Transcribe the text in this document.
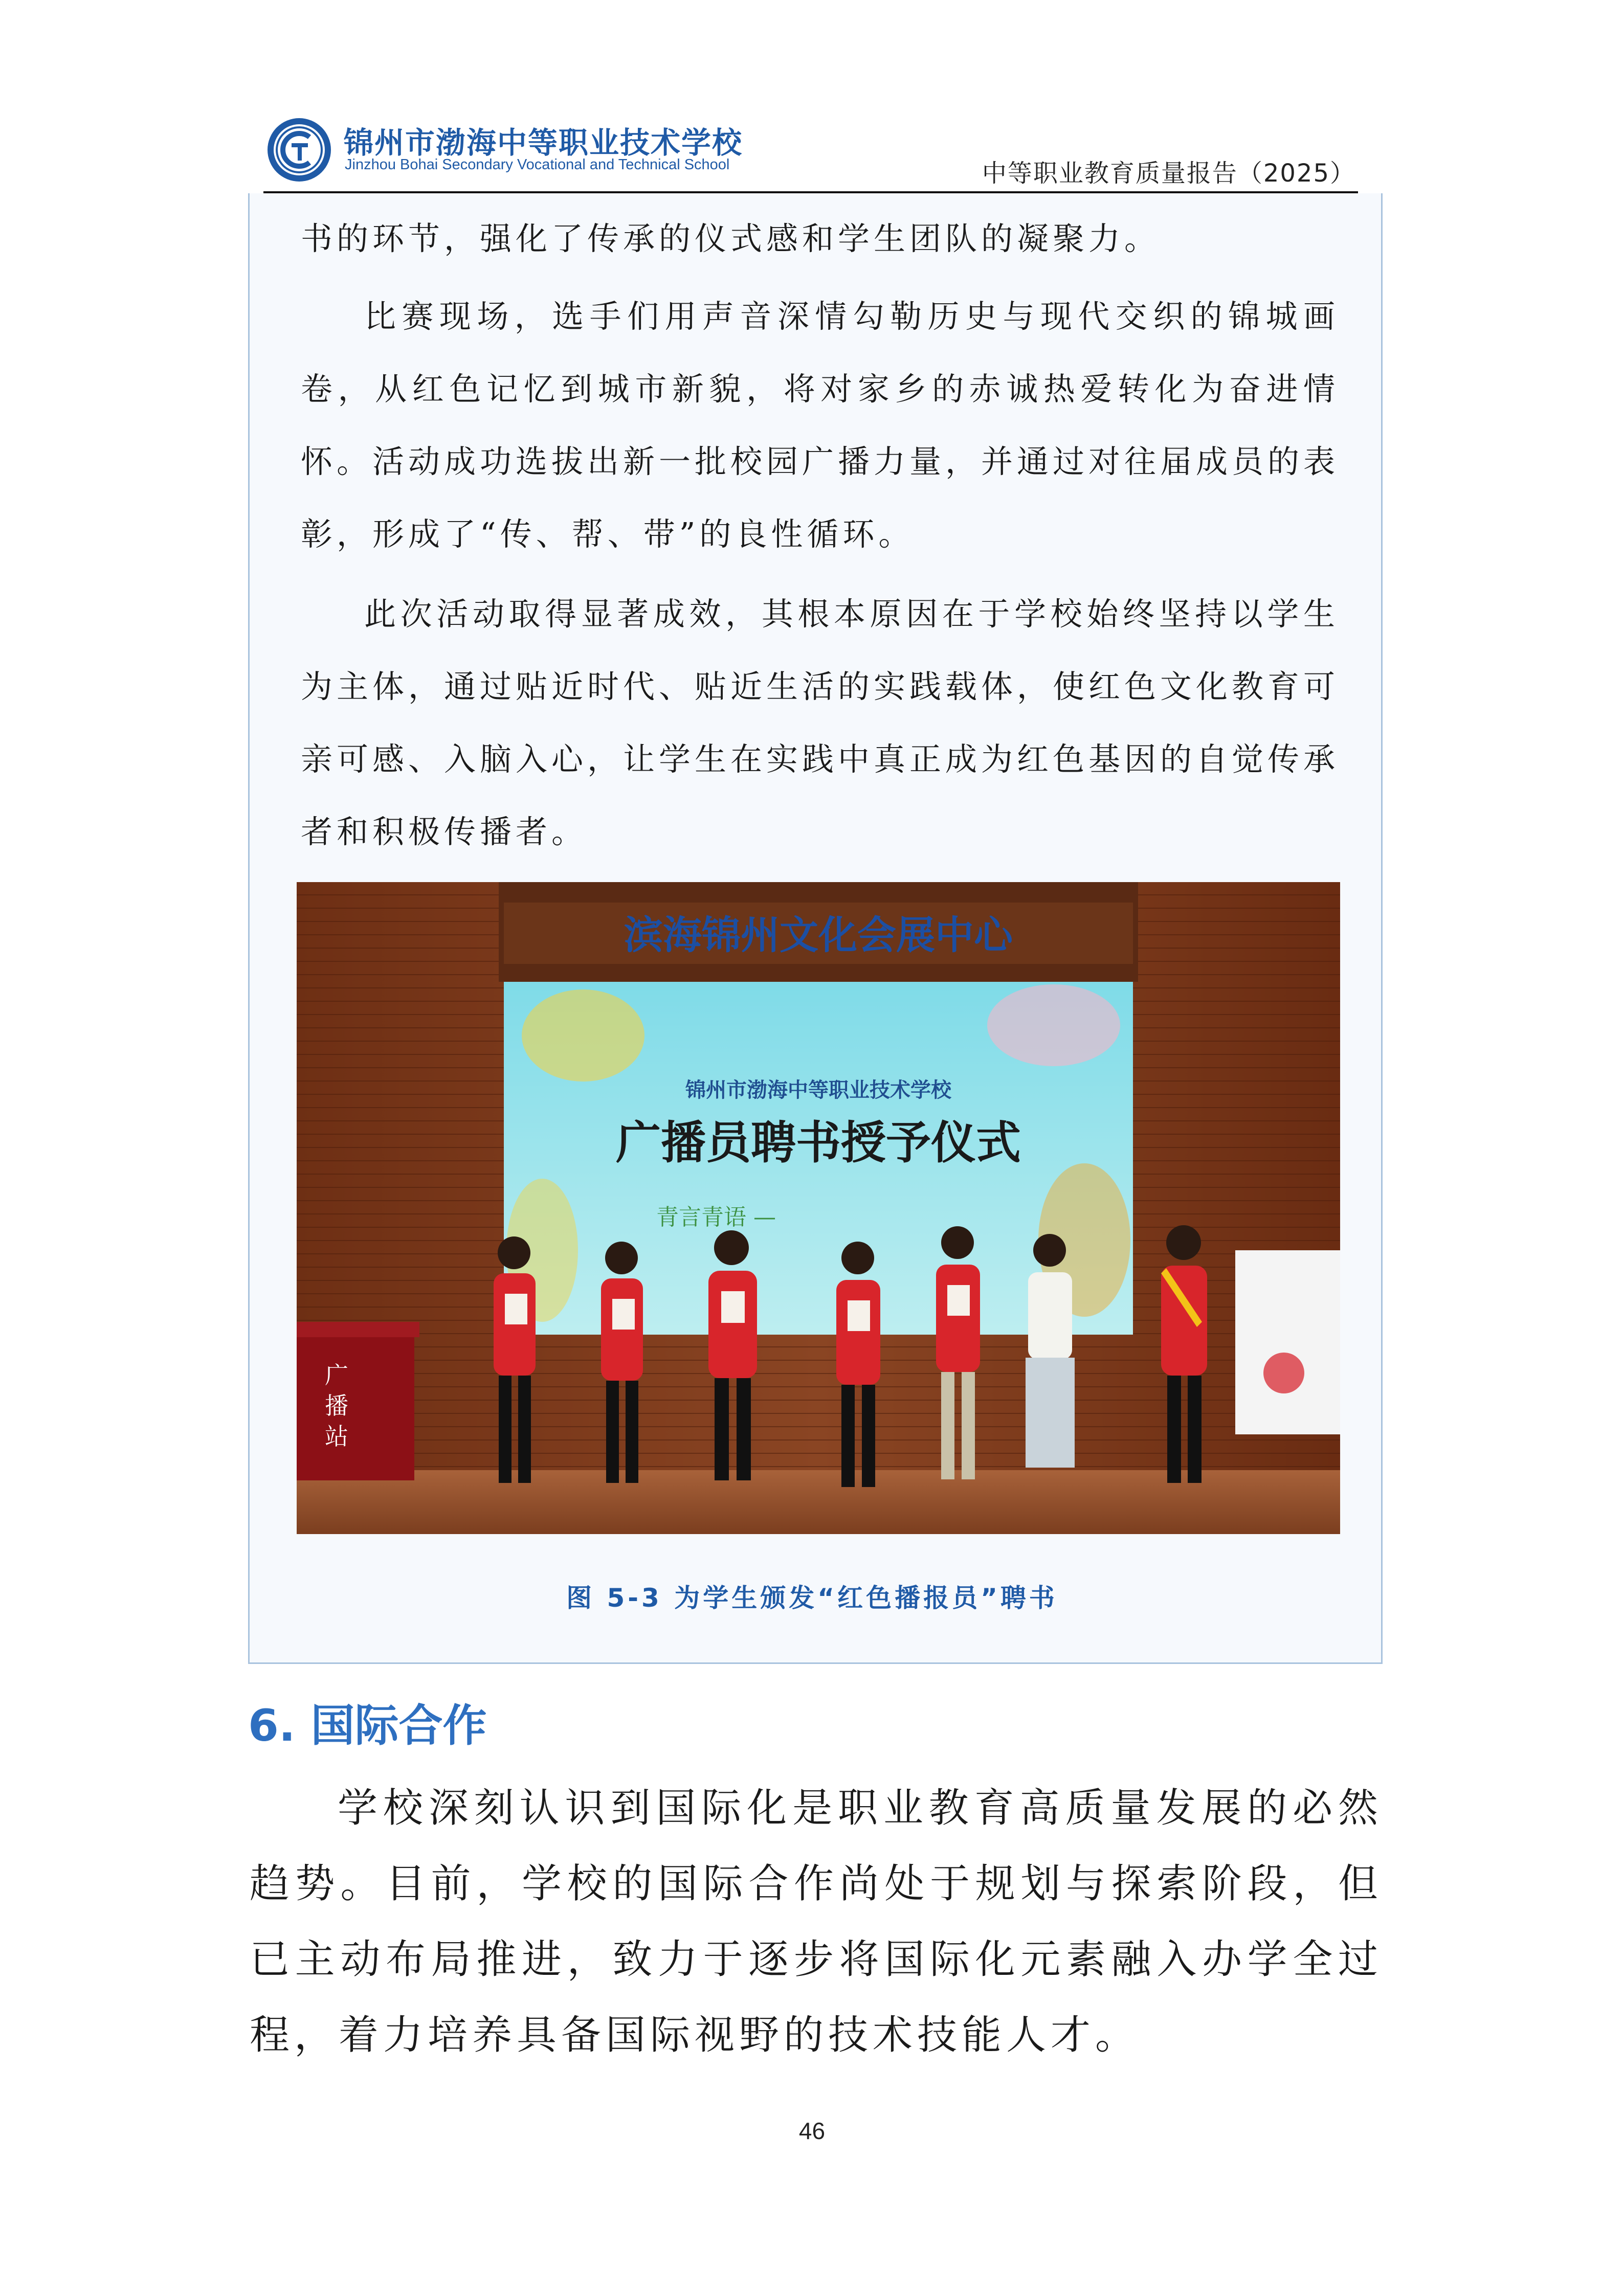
锦州市渤海中等职业技术学校
Jinzhou Bohai Secondary Vocational and Technical School	中等职业教育质量报告（2025）

书的环节，强化了传承的仪式感和学生团队的凝聚力。

比赛现场，选手们用声音深情勾勒历史与现代交织的锦城画卷，从红色记忆到城市新貌，将对家乡的赤诚热爱转化为奋进情怀。活动成功选拔出新一批校园广播力量，并通过对往届成员的表彰，形成了“传、帮、带”的良性循环。

此次活动取得显著成效，其根本原因在于学校始终坚持以学生为主体，通过贴近时代、贴近生活的实践载体，使红色文化教育可亲可感、入脑入心，让学生在实践中真正成为红色基因的自觉传承者和积极传播者。

滨海锦州文化会展中心
锦州市渤海中等职业技术学校
广播员聘书授予仪式
青言青语 —
广 播 站
图 5-3 为学生颁发“红色播报员”聘书
6. 国际合作

学校深刻认识到国际化是职业教育高质量发展的必然趋势。目前，学校的国际合作尚处于规划与探索阶段，但已主动布局推进，致力于逐步将国际化元素融入办学全过程，着力培养具备国际视野的技术技能人才。

46
